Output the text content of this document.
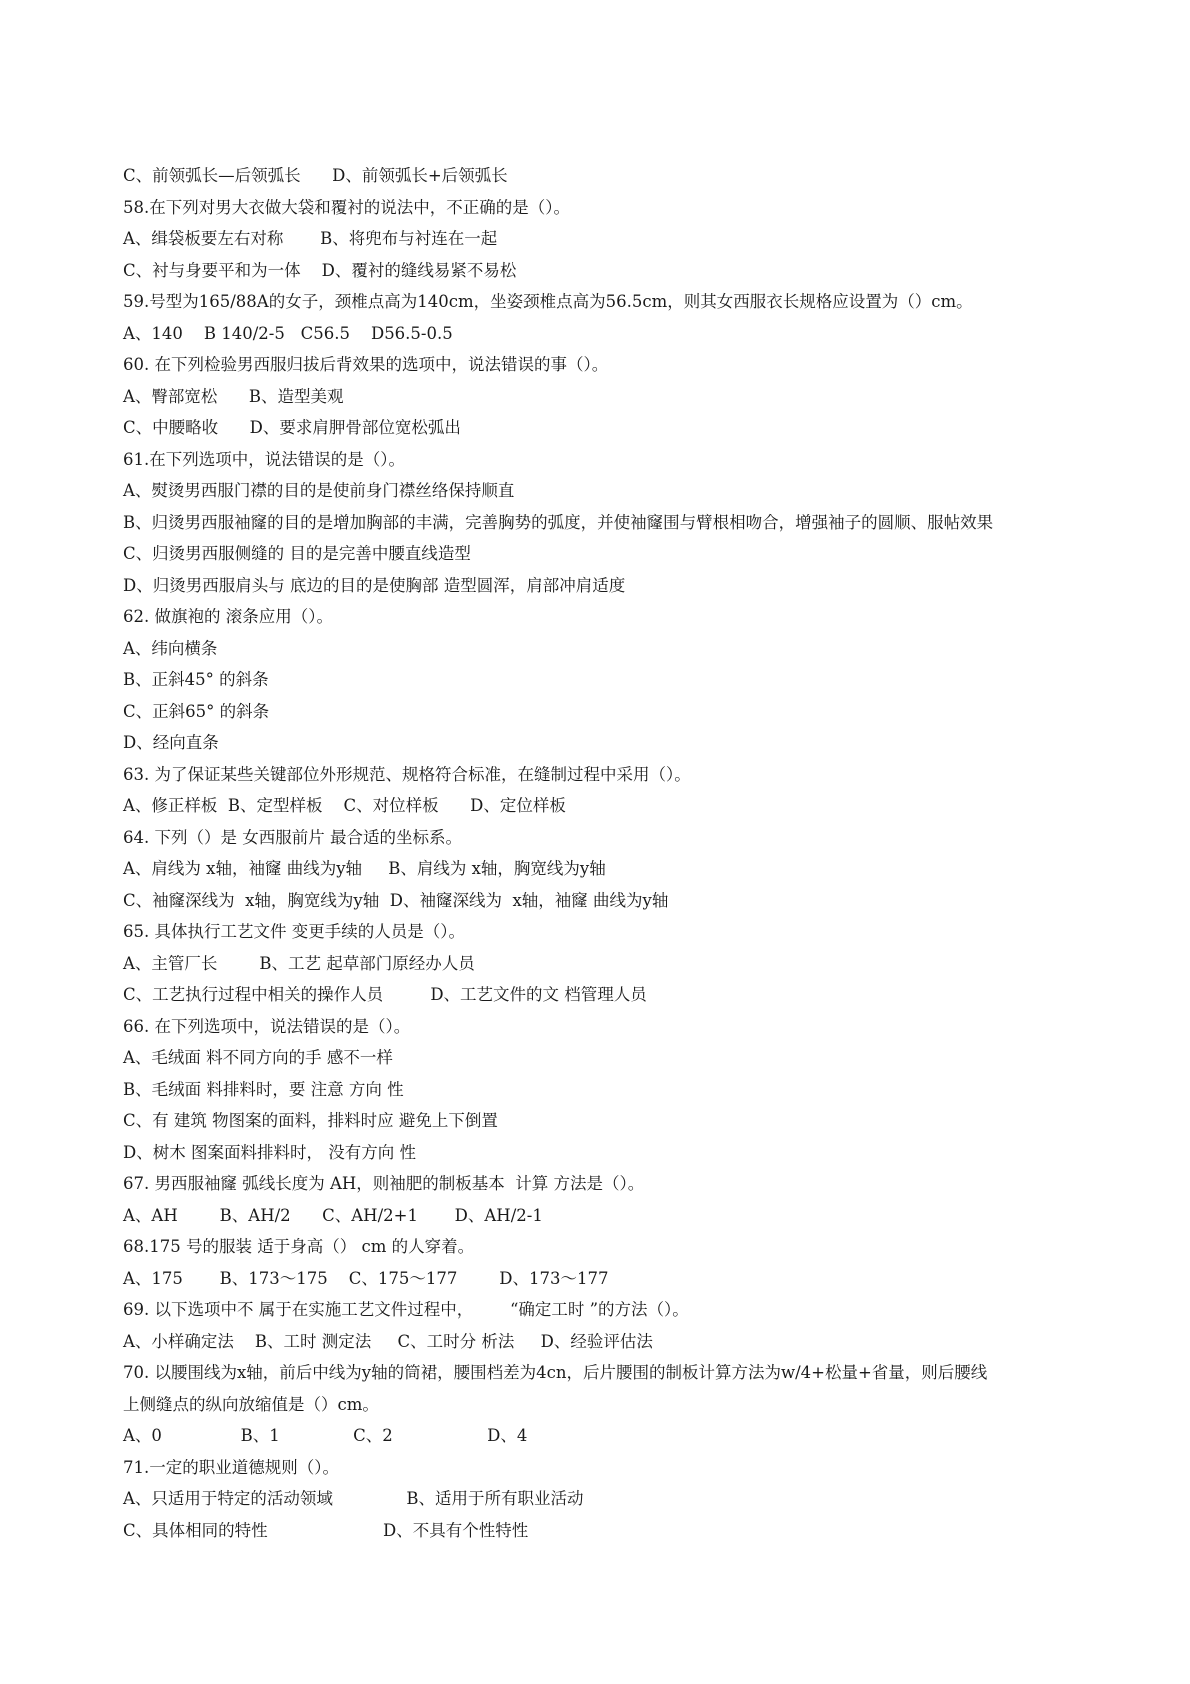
C、前领弧长—后领弧长      D、前领弧长+后领弧长
58.在下列对男大衣做大袋和覆衬的说法中，不正确的是（）。
A、缉袋板要左右对称       B、将兜布与衬连在一起
C、衬与身要平和为一体    D、覆衬的缝线易紧不易松
59.号型为165/88A的女子，颈椎点高为140cm，坐姿颈椎点高为56.5cm，则其女西服衣长规格应设置为（）cm。
A、140    B 140/2-5   C56.5    D56.5-0.5
60. 在下列检验男西服归拔后背效果的选项中，说法错误的事（）。
A、臀部宽松      B、造型美观
C、中腰略收      D、要求肩胛骨部位宽松弧出
61.在下列选项中，说法错误的是（）。
A、熨烫男西服门襟的目的是使前身门襟丝络保持顺直
B、归烫男西服袖窿的目的是增加胸部的丰满，完善胸势的弧度，并使袖窿围与臂根相吻合，增强袖子的圆顺、服帖效果
C、归烫男西服侧缝的 目的是完善中腰直线造型
D、归烫男西服肩头与 底边的目的是使胸部 造型圆浑，肩部冲肩适度
62. 做旗袍的 滚条应用（）。
A、纬向横条
B、正斜45° 的斜条
C、正斜65° 的斜条
D、经向直条
63. 为了保证某些关键部位外形规范、规格符合标准，在缝制过程中采用（）。
A、修正样板  B、定型样板    C、对位样板      D、定位样板
64. 下列（）是 女西服前片 最合适的坐标系。
A、肩线为 x轴，袖窿 曲线为y轴     B、肩线为 x轴，胸宽线为y轴
C、袖窿深线为  x轴，胸宽线为y轴  D、袖窿深线为  x轴，袖窿 曲线为y轴
65. 具体执行工艺文件 变更手续的人员是（）。
A、主管厂长        B、工艺 起草部门原经办人员
C、工艺执行过程中相关的操作人员         D、工艺文件的文 档管理人员
66. 在下列选项中，说法错误的是（）。
A、毛绒面 料不同方向的手 感不一样
B、毛绒面 料排料时，要 注意 方向 性
C、有 建筑 物图案的面料，排料时应 避免上下倒置
D、树木 图案面料排料时， 没有方向 性
67. 男西服袖窿 弧线长度为 AH，则袖肥的制板基本  计算 方法是（）。
A、AH        B、AH/2      C、AH/2+1       D、AH/2-1
68.175 号的服装 适于身高（） cm 的人穿着。
A、175       B、173～175    C、175～177        D、173～177
69. 以下选项中不 属于在实施工艺文件过程中，       “确定工时 ”的方法（）。
A、小样确定法    B、工时 测定法     C、工时分 析法     D、经验评估法
70. 以腰围线为x轴，前后中线为y轴的筒裙，腰围档差为4cn，后片腰围的制板计算方法为w/4+松量+省量，则后腰线
上侧缝点的纵向放缩值是（）cm。
A、0               B、1              C、2                  D、4
71.一定的职业道德规则（）。
A、只适用于特定的活动领域              B、适用于所有职业活动
C、具体相同的特性                      D、不具有个性特性
